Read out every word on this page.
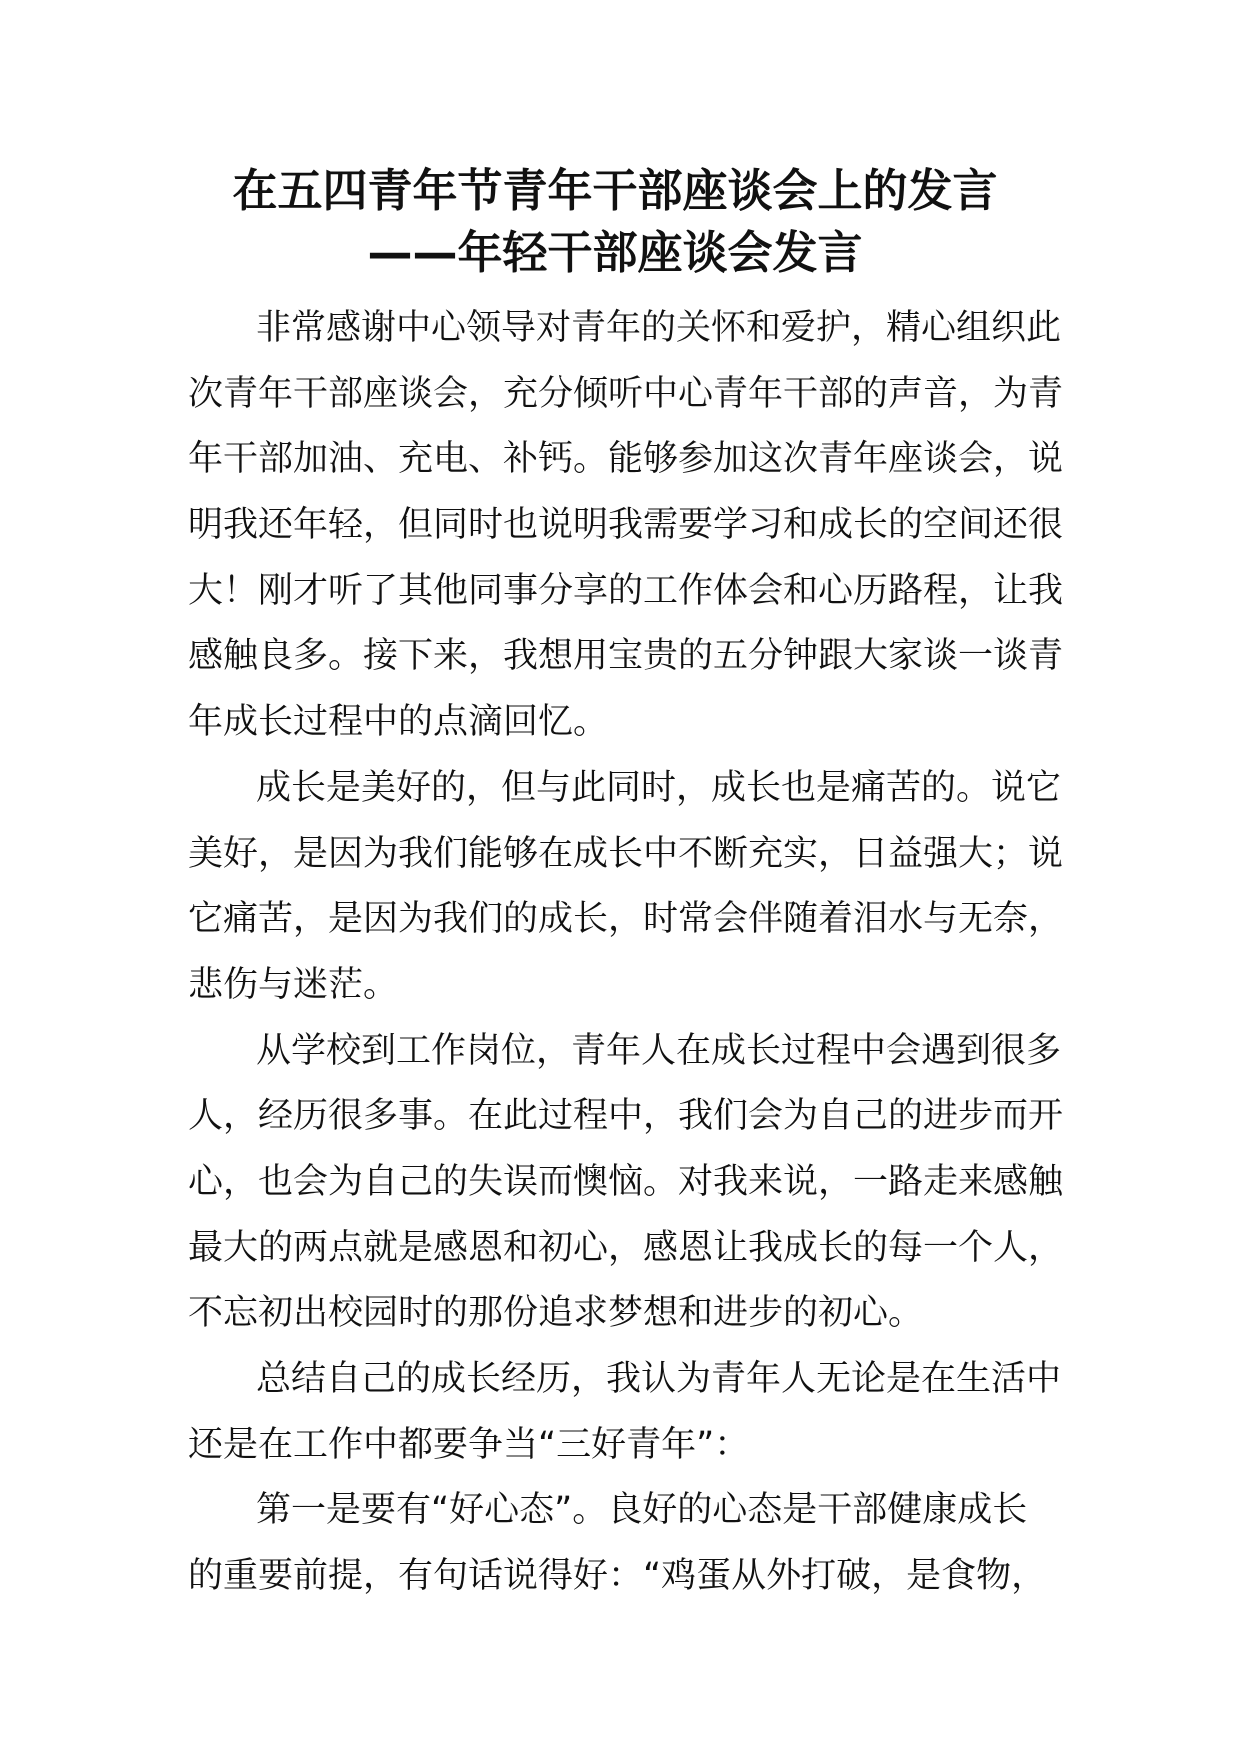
在五四青年节青年干部座谈会上的发言
——年轻干部座谈会发言
非常感谢中心领导对青年的关怀和爱护，精心组织此
次青年干部座谈会，充分倾听中心青年干部的声音，为青
年干部加油、充电、补钙。能够参加这次青年座谈会，说
明我还年轻，但同时也说明我需要学习和成长的空间还很
大！刚才听了其他同事分享的工作体会和心历路程，让我
感触良多。接下来，我想用宝贵的五分钟跟大家谈一谈青
年成长过程中的点滴回忆。
成长是美好的，但与此同时，成长也是痛苦的。说它
美好，是因为我们能够在成长中不断充实，日益强大；说
它痛苦，是因为我们的成长，时常会伴随着泪水与无奈，
悲伤与迷茫。
从学校到工作岗位，青年人在成长过程中会遇到很多
人，经历很多事。在此过程中，我们会为自己的进步而开
心，也会为自己的失误而懊恼。对我来说，一路走来感触
最大的两点就是感恩和初心，感恩让我成长的每一个人，
不忘初出校园时的那份追求梦想和进步的初心。
总结自己的成长经历，我认为青年人无论是在生活中
还是在工作中都要争当“三好青年”：
第一是要有“好心态”。良好的心态是干部健康成长
的重要前提，有句话说得好：“鸡蛋从外打破，是食物，
